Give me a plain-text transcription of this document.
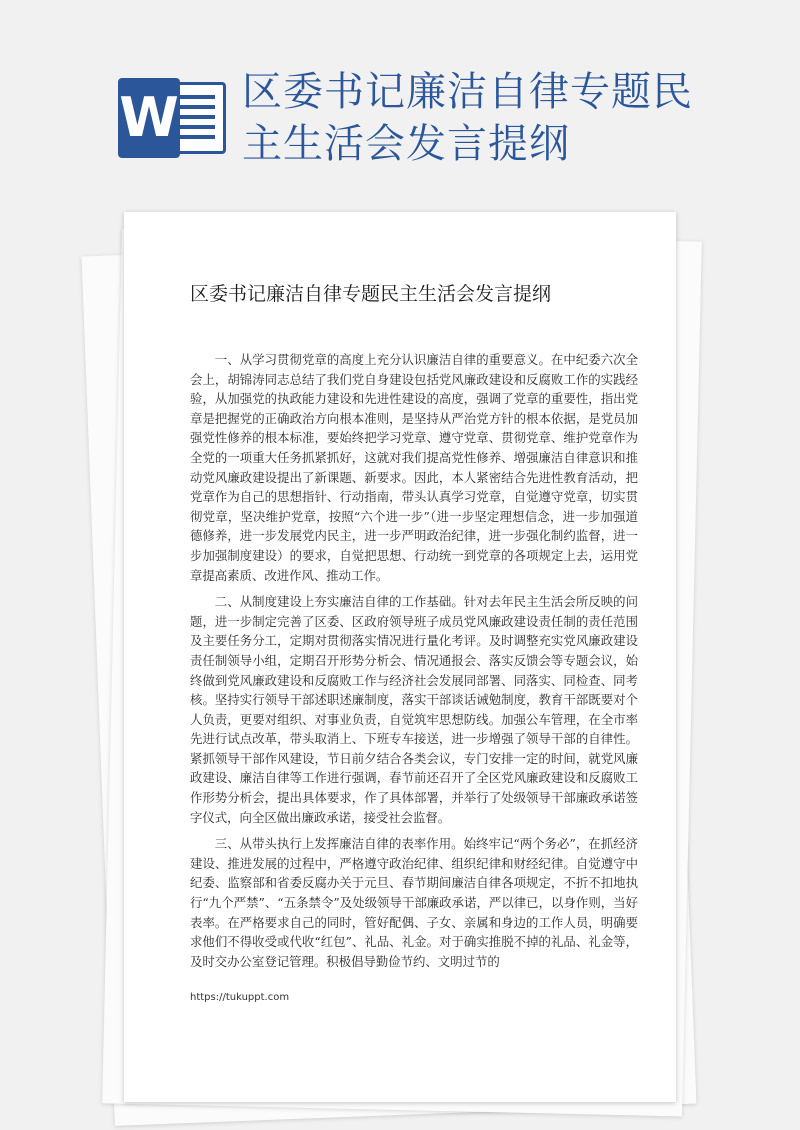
W 区委书记廉洁自律专题民主生活会发言提纲
区委书记廉洁自律专题民主生活会发言提纲

一、从学习贯彻党章的高度上充分认识廉洁自律的重要意义。在中纪委六次全会上，胡锦涛同志总结了我们党自身建设包括党风廉政建设和反腐败工作的实践经验，从加强党的执政能力建设和先进性建设的高度，强调了党章的重要性，指出党章是把握党的正确政治方向根本准则，是坚持从严治党方针的根本依据，是党员加强党性修养的根本标准，要始终把学习党章、遵守党章、贯彻党章、维护党章作为全党的一项重大任务抓紧抓好，这就对我们提高党性修养、增强廉洁自律意识和推动党风廉政建设提出了新课题、新要求。因此，本人紧密结合先进性教育活动，把党章作为自己的思想指针、行动指南，带头认真学习党章，自觉遵守党章，切实贯彻党章，坚决维护党章，按照“六个进一步”（进一步坚定理想信念，进一步加强道德修养，进一步发展党内民主，进一步严明政治纪律，进一步强化制约监督，进一步加强制度建设）的要求，自觉把思想、行动统一到党章的各项规定上去，运用党章提高素质、改进作风、推动工作。

二、从制度建设上夯实廉洁自律的工作基础。针对去年民主生活会所反映的问题，进一步制定完善了区委、区政府领导班子成员党风廉政建设责任制的责任范围及主要任务分工，定期对贯彻落实情况进行量化考评。及时调整充实党风廉政建设责任制领导小组，定期召开形势分析会、情况通报会、落实反馈会等专题会议，始终做到党风廉政建设和反腐败工作与经济社会发展同部署、同落实、同检查、同考核。坚持实行领导干部述职述廉制度，落实干部谈话诫勉制度，教育干部既要对个人负责，更要对组织、对事业负责，自觉筑牢思想防线。加强公车管理，在全市率先进行试点改革，带头取消上、下班专车接送，进一步增强了领导干部的自律性。紧抓领导干部作风建设，节日前夕结合各类会议，专门安排一定的时间，就党风廉政建设、廉洁自律等工作进行强调，春节前还召开了全区党风廉政建设和反腐败工作形势分析会，提出具体要求，作了具体部署，并举行了处级领导干部廉政承诺签字仪式，向全区做出廉政承诺，接受社会监督。

三、从带头执行上发挥廉洁自律的表率作用。始终牢记“两个务必”，在抓经济建设、推进发展的过程中，严格遵守政治纪律、组织纪律和财经纪律。自觉遵守中纪委、监察部和省委反腐办关于元旦、春节期间廉洁自律各项规定，不折不扣地执行“九个严禁”、“五条禁令”及处级领导干部廉政承诺，严以律已，以身作则，当好表率。在严格要求自己的同时，管好配偶、子女、亲属和身边的工作人员，明确要求他们不得收受或代收“红包”、礼品、礼金。对于确实推脱不掉的礼品、礼金等，及时交办公室登记管理。积极倡导勤俭节约、文明过节的

https://tukuppt.com
